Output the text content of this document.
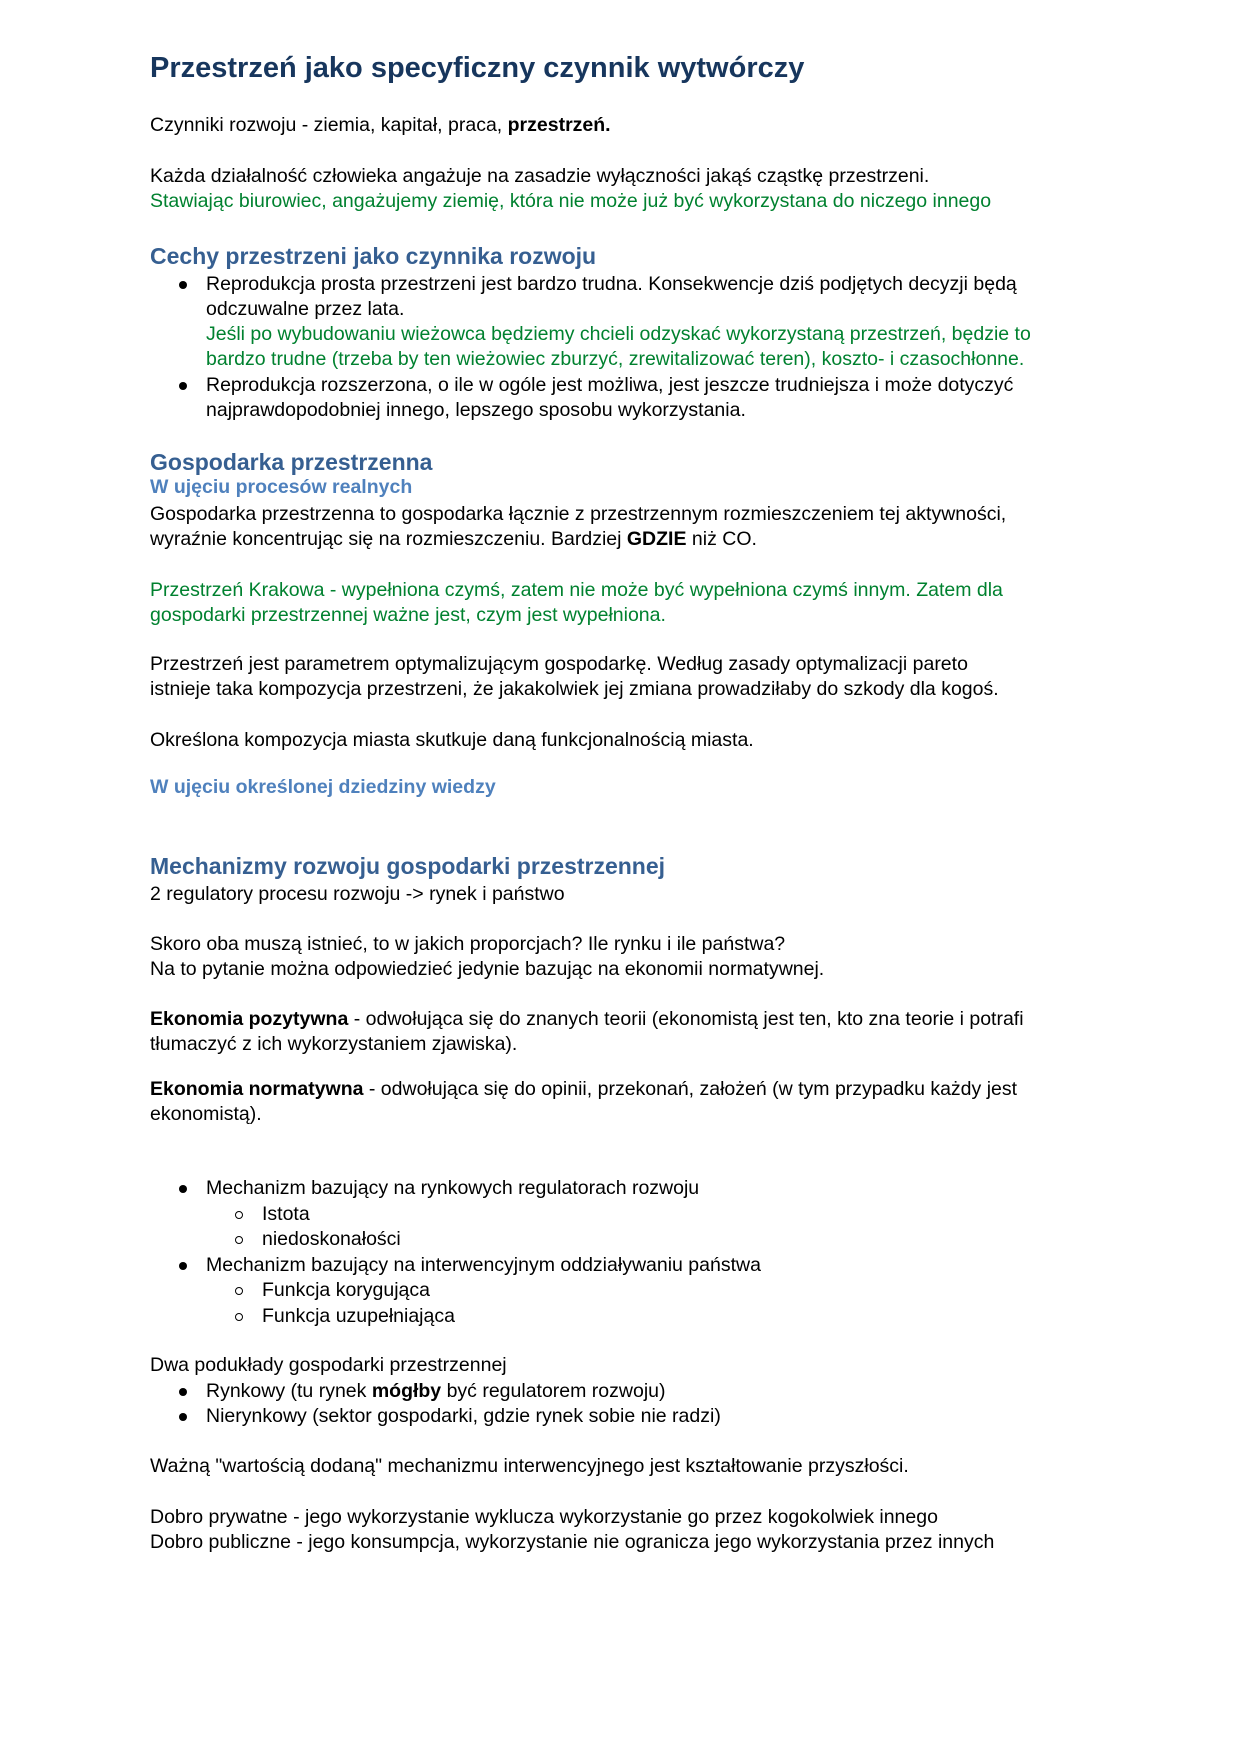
Przestrzeń jako specyficzny czynnik wytwórczy
Czynniki rozwoju - ziemia, kapitał, praca, przestrzeń.
Każda działalność człowieka angażuje na zasadzie wyłączności jakąś cząstkę przestrzeni.
Stawiając biurowiec, angażujemy ziemię, która nie może już być wykorzystana do niczego innego
Cechy przestrzeni jako czynnika rozwoju
Reprodukcja prosta przestrzeni jest bardzo trudna. Konsekwencje dziś podjętych decyzji będą
odczuwalne przez lata.
Jeśli po wybudowaniu wieżowca będziemy chcieli odzyskać wykorzystaną przestrzeń, będzie to
bardzo trudne (trzeba by ten wieżowiec zburzyć, zrewitalizować teren), koszto- i czasochłonne.
Reprodukcja rozszerzona, o ile w ogóle jest możliwa, jest jeszcze trudniejsza i może dotyczyć
najprawdopodobniej innego, lepszego sposobu wykorzystania.
Gospodarka przestrzenna
W ujęciu procesów realnych
Gospodarka przestrzenna to gospodarka łącznie z przestrzennym rozmieszczeniem tej aktywności,
wyraźnie koncentrując się na rozmieszczeniu. Bardziej GDZIE niż CO.
Przestrzeń Krakowa - wypełniona czymś, zatem nie może być wypełniona czymś innym. Zatem dla
gospodarki przestrzennej ważne jest, czym jest wypełniona.
Przestrzeń jest parametrem optymalizującym gospodarkę. Według zasady optymalizacji pareto
istnieje taka kompozycja przestrzeni, że jakakolwiek jej zmiana prowadziłaby do szkody dla kogoś.
Określona kompozycja miasta skutkuje daną funkcjonalnością miasta.
W ujęciu określonej dziedziny wiedzy
Mechanizmy rozwoju gospodarki przestrzennej
2 regulatory procesu rozwoju -> rynek i państwo
Skoro oba muszą istnieć, to w jakich proporcjach? Ile rynku i ile państwa?
Na to pytanie można odpowiedzieć jedynie bazując na ekonomii normatywnej.
Ekonomia pozytywna - odwołująca się do znanych teorii (ekonomistą jest ten, kto zna teorie i potrafi
tłumaczyć z ich wykorzystaniem zjawiska).
Ekonomia normatywna - odwołująca się do opinii, przekonań, założeń (w tym przypadku każdy jest
ekonomistą).
Mechanizm bazujący na rynkowych regulatorach rozwoju
Istota
niedoskonałości
Mechanizm bazujący na interwencyjnym oddziaływaniu państwa
Funkcja korygująca
Funkcja uzupełniająca
Dwa podukłady gospodarki przestrzennej
Rynkowy (tu rynek mógłby być regulatorem rozwoju)
Nierynkowy (sektor gospodarki, gdzie rynek sobie nie radzi)
Ważną "wartością dodaną" mechanizmu interwencyjnego jest kształtowanie przyszłości.
Dobro prywatne - jego wykorzystanie wyklucza wykorzystanie go przez kogokolwiek innego
Dobro publiczne - jego konsumpcja, wykorzystanie nie ogranicza jego wykorzystania przez innych
